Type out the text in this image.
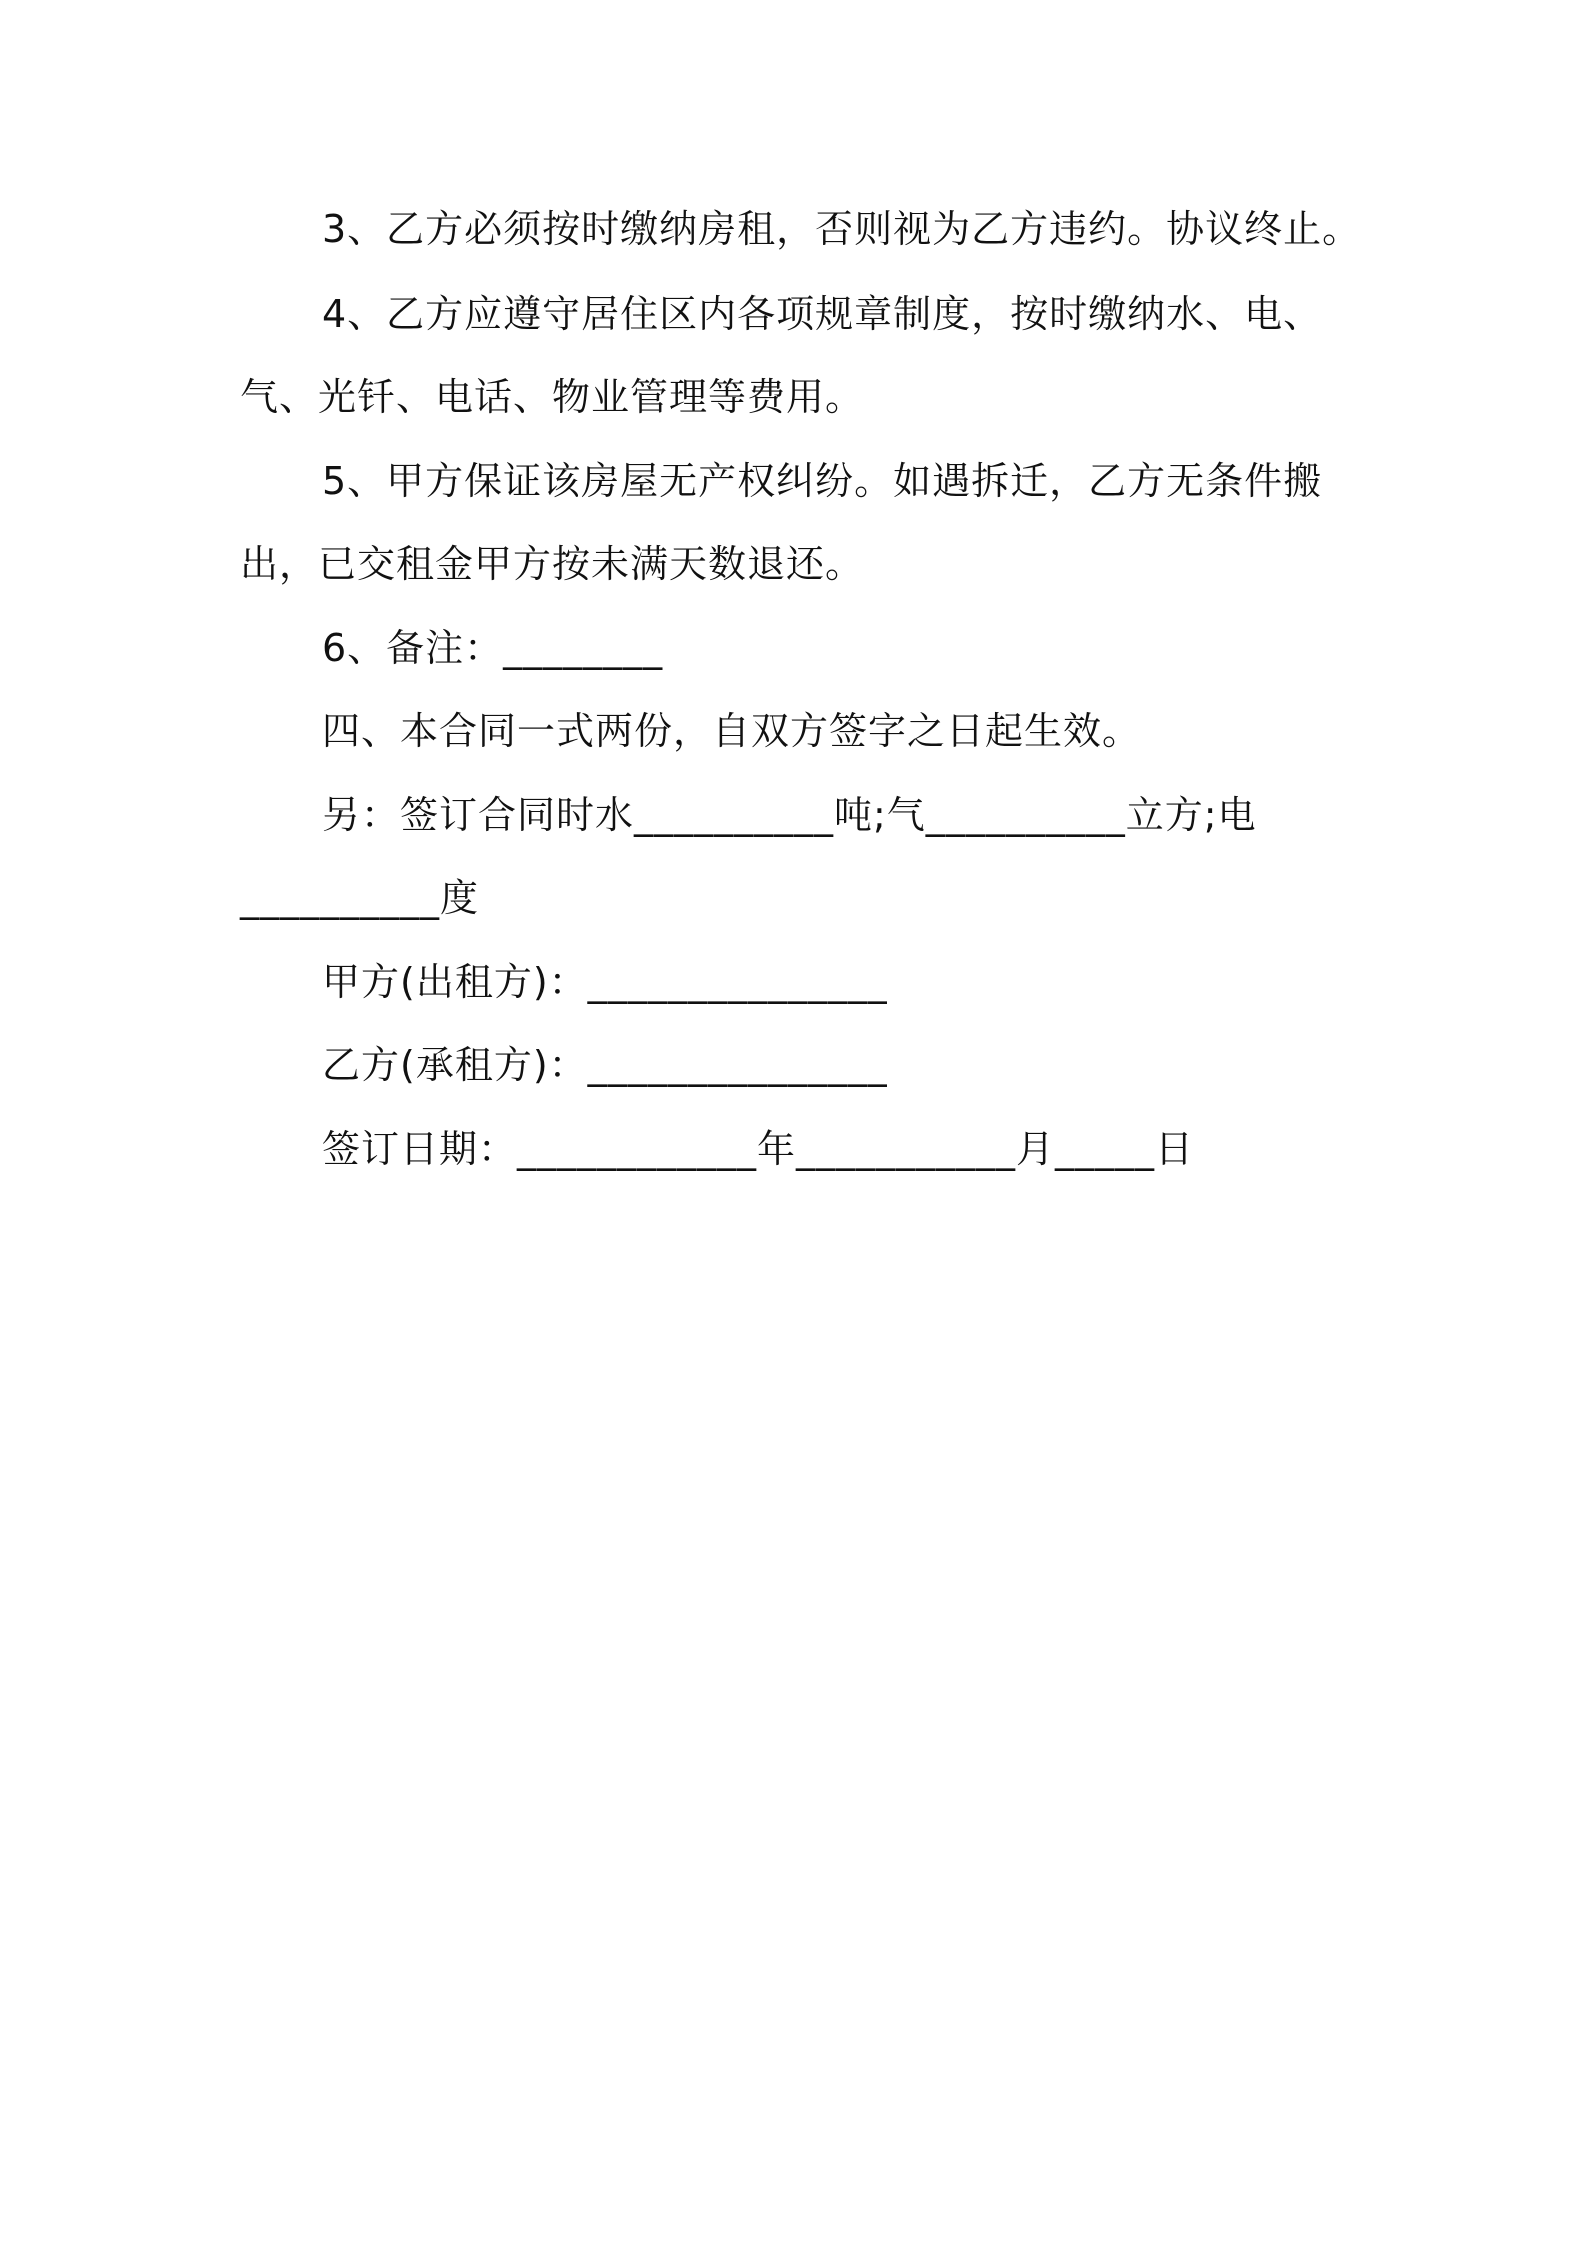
3、乙方必须按时缴纳房租，否则视为乙方违约。协议终止。
4、乙方应遵守居住区内各项规章制度，按时缴纳水、电、
气、光钎、电话、物业管理等费用。
5、甲方保证该房屋无产权纠纷。如遇拆迁，乙方无条件搬
出，已交租金甲方按未满天数退还。
6、备注：________
四、本合同一式两份，自双方签字之日起生效。
另：签订合同时水__________吨;气__________立方;电
__________度
甲方(出租方)：_______________
乙方(承租方)：_______________
签订日期：____________年___________月_____日
